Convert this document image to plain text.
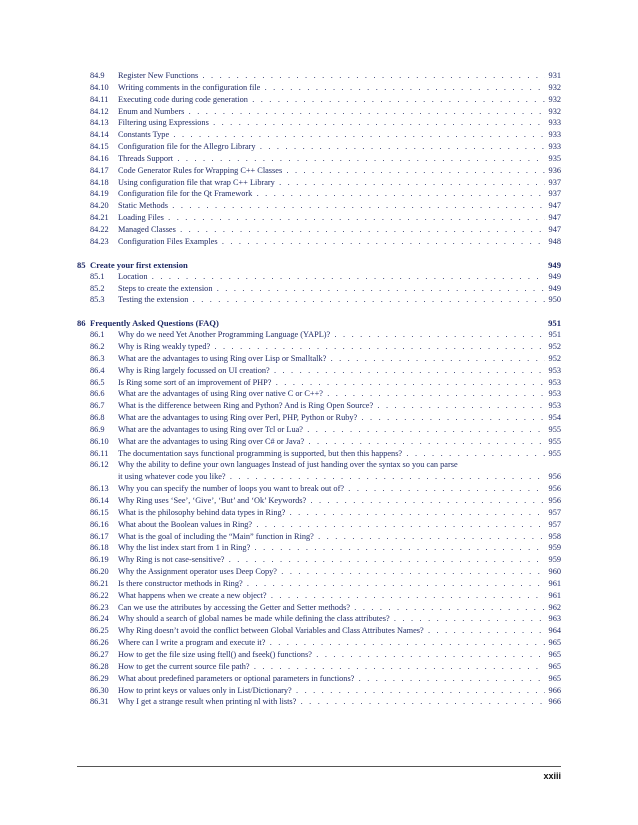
84.9 Register New Functions . . .	931
84.10 Writing comments in the configuration file . . .	932
84.11 Executing code during code generation . . .	932
84.12 Enum and Numbers . . .	932
84.13 Filtering using Expressions . . .	933
84.14 Constants Type . . .	933
84.15 Configuration file for the Allegro Library . . .	933
84.16 Threads Support . . .	935
84.17 Code Generator Rules for Wrapping C++ Classes . . .	936
84.18 Using configuration file that wrap C++ Library . . .	937
84.19 Configuration file for the Qt Framework . . .	937
84.20 Static Methods . . .	947
84.21 Loading Files . . .	947
84.22 Managed Classes . . .	947
84.23 Configuration Files Examples . . .	948
85 Create your first extension	949
85.1 Location . . .	949
85.2 Steps to create the extension . . .	949
85.3 Testing the extension . . .	950
86 Frequently Asked Questions (FAQ)	951
86.1 Why do we need Yet Another Programming Language (YAPL)? . . .	951
86.2 Why is Ring weakly typed? . . .	952
86.3 What are the advantages to using Ring over Lisp or Smalltalk? . . .	952
86.4 Why is Ring largely focussed on UI creation? . . .	953
86.5 Is Ring some sort of an improvement of PHP? . . .	953
86.6 What are the advantages of using Ring over native C or C++? . . .	953
86.7 What is the difference between Ring and Python? And is Ring Open Source? . . .	953
86.8 What are the advantages to using Ring over Perl, PHP, Python or Ruby? . . .	954
86.9 What are the advantages to using Ring over Tcl or Lua? . . .	955
86.10 What are the advantages to using Ring over C# or Java? . . .	955
86.11 The documentation says functional programming is supported, but then this happens? . . .	955
86.12 Why the ability to define your own languages Instead of just handing over the syntax so you can parse
it using whatever code you like? . . .	956
86.13 Why you can specify the number of loops you want to break out of? . . .	956
86.14 Why Ring uses ‘See’, ‘Give’, ‘But’ and ‘Ok’ Keywords? . . .	956
86.15 What is the philosophy behind data types in Ring? . . .	957
86.16 What about the Boolean values in Ring? . . .	957
86.17 What is the goal of including the “Main” function in Ring? . . .	958
86.18 Why the list index start from 1 in Ring? . . .	959
86.19 Why Ring is not case-sensitive? . . .	959
86.20 Why the Assignment operator uses Deep Copy? . . .	960
86.21 Is there constructor methods in Ring? . . .	961
86.22 What happens when we create a new object? . . .	961
86.23 Can we use the attributes by accessing the Getter and Setter methods? . . .	962
86.24 Why should a search of global names be made while defining the class attributes? . . .	963
86.25 Why Ring doesn’t avoid the conflict between Global Variables and Class Attributes Names? . . .	964
86.26 Where can I write a program and execute it? . . .	965
86.27 How to get the file size using ftell() and fseek() functions? . . .	965
86.28 How to get the current source file path? . . .	965
86.29 What about predefined parameters or optional parameters in functions? . . .	965
86.30 How to print keys or values only in List/Dictionary? . . .	966
86.31 Why I get a strange result when printing nl with lists? . . .	966
xxiii
